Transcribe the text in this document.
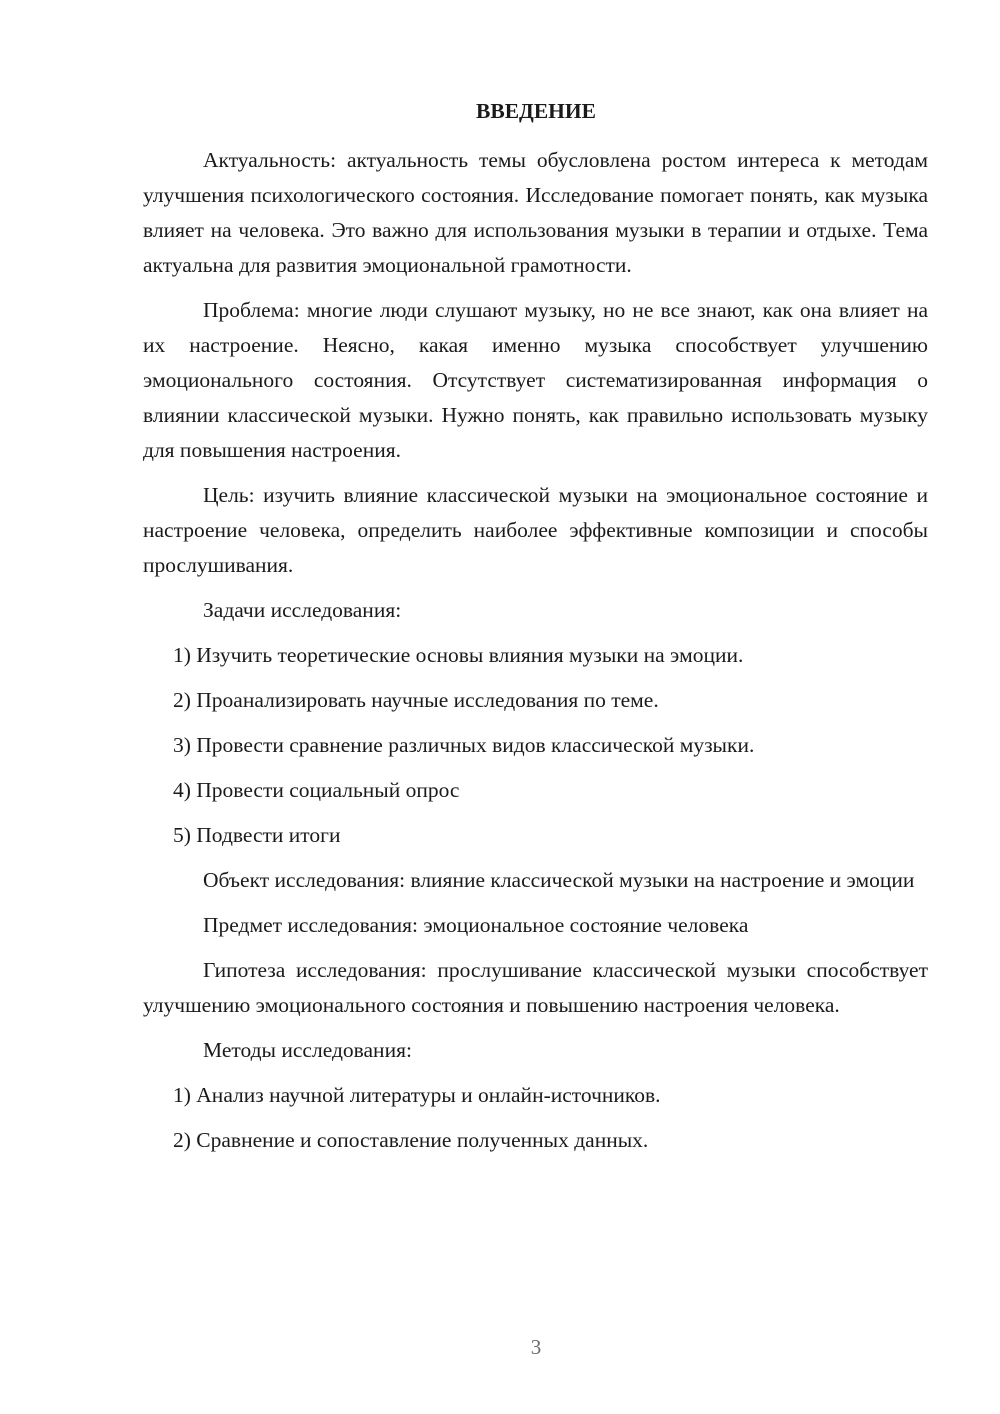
ВВЕДЕНИЕ

Актуальность: актуальность темы обусловлена ростом интереса к методам улучшения психологического состояния. Исследование помогает понять, как музыка влияет на человека. Это важно для использования музыки в терапии и отдыхе. Тема актуальна для развития эмоциональной грамотности.

Проблема: многие люди слушают музыку, но не все знают, как она влияет на их настроение. Неясно, какая именно музыка способствует улучшению эмоционального состояния. Отсутствует систематизированная информация о влиянии классической музыки. Нужно понять, как правильно использовать музыку для повышения настроения.

Цель: изучить влияние классической музыки на эмоциональное состояние и настроение человека, определить наиболее эффективные композиции и способы прослушивания.

Задачи исследования:

1) Изучить теоретические основы влияния музыки на эмоции.

2) Проанализировать научные исследования по теме.

3) Провести сравнение различных видов классической музыки.

4) Провести социальный опрос

5) Подвести итоги

Объект исследования: влияние классической музыки на настроение и эмоции

Предмет исследования: эмоциональное состояние человека

Гипотеза исследования: прослушивание классической музыки способствует улучшению эмоционального состояния и повышению настроения человека.

Методы исследования:

1) Анализ научной литературы и онлайн-источников.

2) Сравнение и сопоставление полученных данных.

3
